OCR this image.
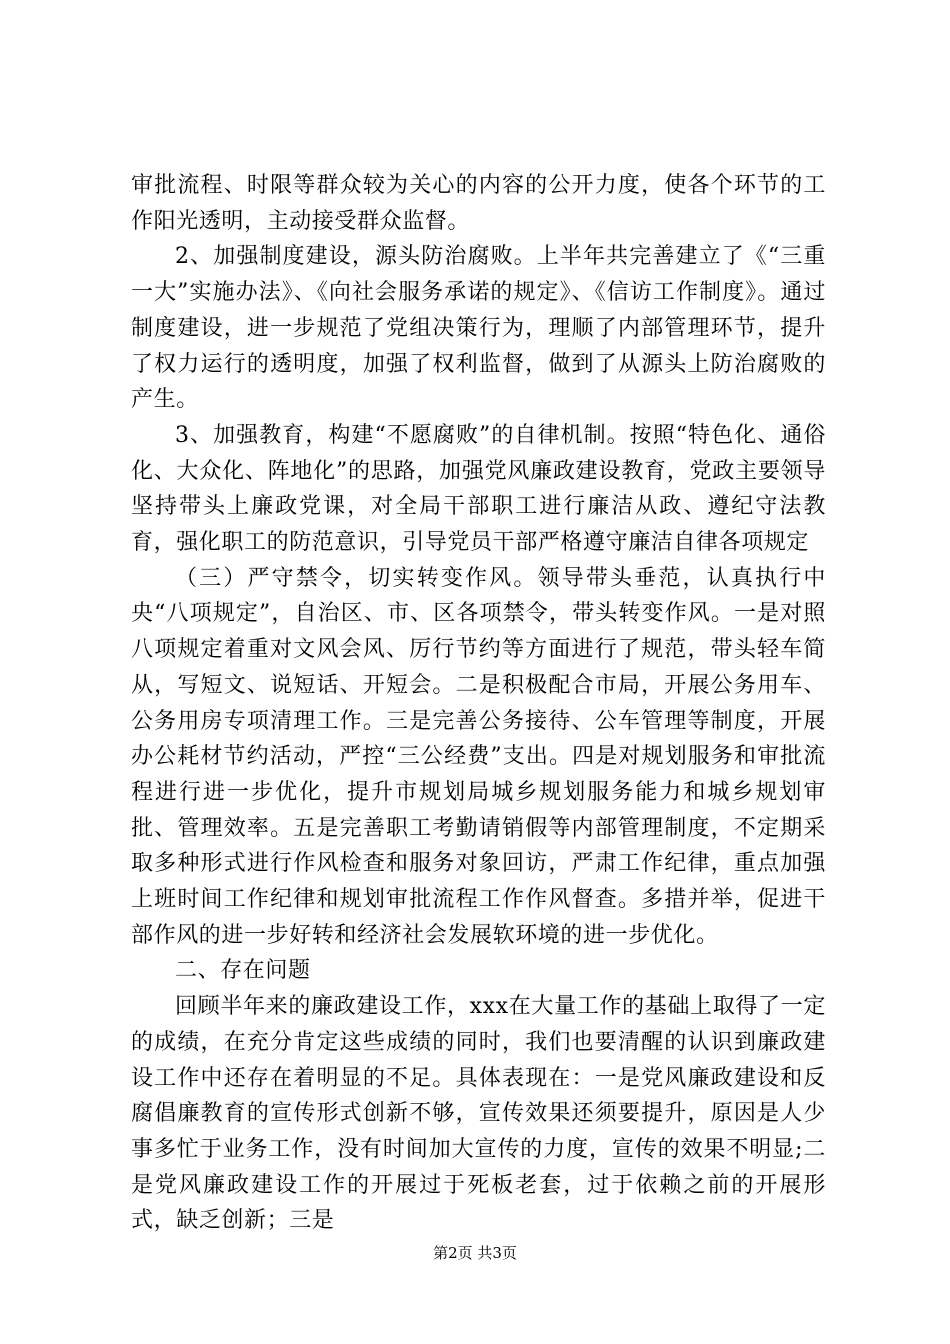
审批流程、时限等群众较为关心的内容的公开力度，使各个环节的工作阳光透明，主动接受群众监督。

2、加强制度建设，源头防治腐败。上半年共完善建立了《“三重一大”实施办法》、《向社会服务承诺的规定》、《信访工作制度》。通过制度建设，进一步规范了党组决策行为，理顺了内部管理环节，提升了权力运行的透明度，加强了权利监督，做到了从源头上防治腐败的产生。

3、加强教育，构建“不愿腐败”的自律机制。按照“特色化、通俗化、大众化、阵地化”的思路，加强党风廉政建设教育，党政主要领导坚持带头上廉政党课，对全局干部职工进行廉洁从政、遵纪守法教育，强化职工的防范意识，引导党员干部严格遵守廉洁自律各项规定

（三）严守禁令，切实转变作风。领导带头垂范，认真执行中央“八项规定”，自治区、市、区各项禁令，带头转变作风。一是对照八项规定着重对文风会风、厉行节约等方面进行了规范，带头轻车简从，写短文、说短话、开短会。二是积极配合市局，开展公务用车、公务用房专项清理工作。三是完善公务接待、公车管理等制度，开展办公耗材节约活动，严控“三公经费”支出。四是对规划服务和审批流程进行进一步优化，提升市规划局城乡规划服务能力和城乡规划审批、管理效率。五是完善职工考勤请销假等内部管理制度，不定期采取多种形式进行作风检查和服务对象回访，严肃工作纪律，重点加强上班时间工作纪律和规划审批流程工作作风督查。多措并举，促进干部作风的进一步好转和经济社会发展软环境的进一步优化。

二、存在问题

回顾半年来的廉政建设工作，xxx在大量工作的基础上取得了一定的成绩，在充分肯定这些成绩的同时，我们也要清醒的认识到廉政建设工作中还存在着明显的不足。具体表现在：一是党风廉政建设和反腐倡廉教育的宣传形式创新不够，宣传效果还须要提升，原因是人少事多忙于业务工作，没有时间加大宣传的力度，宣传的效果不明显;二是党风廉政建设工作的开展过于死板老套，过于依赖之前的开展形式，缺乏创新；三是

第2页 共3页
